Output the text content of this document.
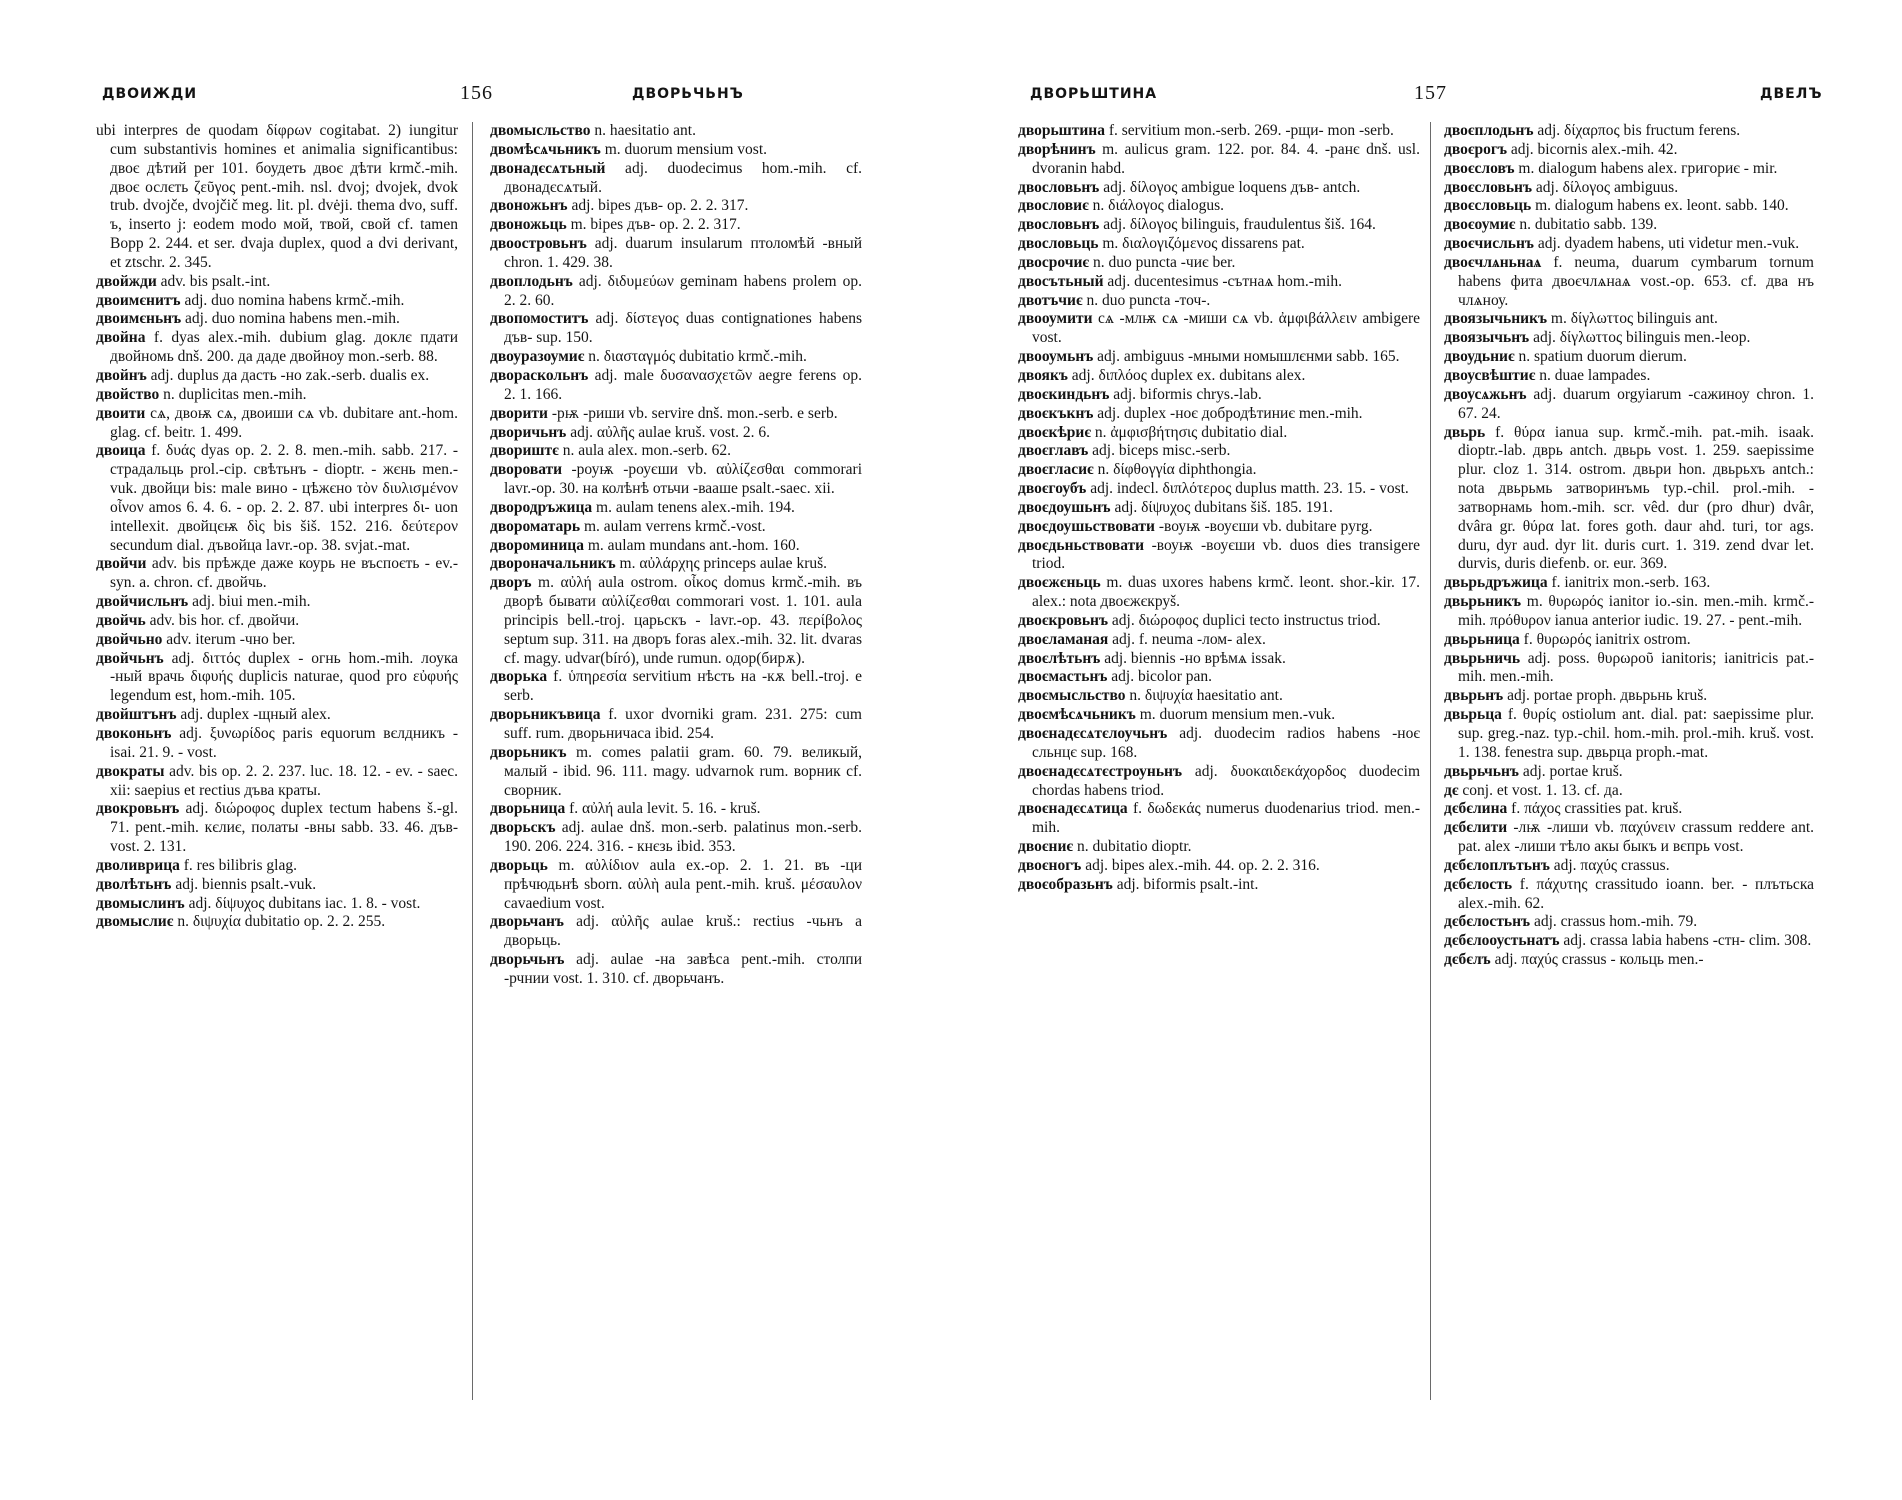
ДВОИЖДИ	156	ДВОРЬЧЬНЪ

ubi interpres de quodam δίφρων cogitabat. 2) iungitur cum substantivis homines et animalia significantibus: двоє дѣтий per 101. боудеть двоє дѣти krmč.-mih. двоє ослєть ζεῦγος pent.-mih. nsl. dvoj; dvojek, dvok trub. dvojče, dvojčič meg. lit. pl. dvėji. thema dvo, suff. ъ, inserto j: eodem modo мой, твой, свой cf. tamen Bopp 2. 244. et ser. dvaja duplex, quod a dvi derivant, et ztschr. 2. 345.

двойжди adv. bis psalt.-int.

двоимєнитъ adj. duo nomina habens krmč.-mih.

двоимєньнъ adj. duo nomina habens men.-mih.

двойна f. dyas alex.-mih. dubium glag. доклє пдати двойномь dnš. 200. да даде двойноу mon.-serb. 88.

двойнъ adj. duplus да дасть -но zak.-serb. dualis ex.

двойство n. duplicitas men.-mih.

двоити сѧ, двоѭ сѧ, двоиши сѧ vb. dubitare ant.-hom. glag. cf. beitr. 1. 499.

двоица f. δυάς dyas op. 2. 2. 8. men.-mih. sabb. 217. - страдальць prol.-cip. свѣтьнъ - dioptr. - жєнь men.-vuk. двойци bis: male вино - цѣжєно τὸν διυλισμένον οἶνον amos 6. 4. 6. - op. 2. 2. 87. ubi interpres δι- uon intellexit. двойцєѭ δὶς bis šiš. 152. 216. δεύτερον secundum dial. дъвойца lavr.-op. 38. svjat.-mat.

двойчи adv. bis прѣжде даже коурь не въспоєть - ev.-syn. a. chron. cf. двойчь.

двойчисльнъ adj. biui men.-mih.

двойчь adv. bis hor. cf. двойчи.

двойчьно adv. iterum -чно ber.

двойчьнъ adj. διττός duplex - огнь hom.-mih. лоука -ный врачь διφυής duplicis naturae, quod pro εὐφυής legendum est, hom.-mih. 105.

двойштънъ adj. duplex -щный alex.

двоконьнъ adj. ξυνωρίδος paris equorum вєлдникъ - isai. 21. 9. - vost.

двократы adv. bis op. 2. 2. 237. luc. 18. 12. - ev. - saec. xii: saepius et rectius дъва краты.

двокровьнъ adj. διώροφος duplex tectum habens š.-gl. 71. pent.-mih. кєлиє, полаты -вны sabb. 33. 46. дъв- vost. 2. 131.

дволиврица f. res bilibris glag.

дволѣтьнъ adj. biennis psalt.-vuk.

двомыслинъ adj. δίψυχος dubitans iac. 1. 8. - vost.

двомыслиє n. διψυχία dubitatio op. 2. 2. 255.

двомысльство n. haesitatio ant.

двомѣсѧчьникъ m. duorum mensium vost.

двонадєсѧтьный adj. duodecimus hom.-mih. cf. двонадєсѧтый.

двоножьнъ adj. bipes дъв- op. 2. 2. 317.

двоножьць m. bipes дъв- op. 2. 2. 317.

двоостровьнъ adj. duarum insularum птоломѣй -вный chron. 1. 429. 38.

двоплодьнъ adj. διδυμεύων geminam habens prolem op. 2. 2. 60.

двопомоститъ adj. δίστεγος duas contignationes habens дъв- sup. 150.

двоуразоумиє n. διασταγμός dubitatio krmč.-mih.

двораскольнъ adj. male δυσανασχετῶν aegre ferens op. 2. 1. 166.

дворити -рѭ -риши vb. servire dnš. mon.-serb. e serb.

дворичьнъ adj. αὐλῆς aulae kruš. vost. 2. 6.

двориштє n. aula alex. mon.-serb. 62.

дворовати -роуѭ -роуєши vb. αὐλίζεσθαι commorari lavr.-op. 30. на колѣнѣ отьчи -вааше psalt.-saec. xii.

двородръжица m. aulam tenens alex.-mih. 194.

двороматарь m. aulam verrens krmč.-vost.

двороминица m. aulam mundans ant.-hom. 160.

двороначальникъ m. αὐλάρχης princeps aulae kruš.

дворъ m. αὐλή aula ostrom. οἶκος domus krmč.-mih. въ дворѣ бывати αὐλίζεσθαι commorari vost. 1. 101. aula principis bell.-troj. царьскъ - lavr.-op. 43. περίβολος septum sup. 311. на дворъ foras alex.-mih. 32. lit. dvaras cf. magy. udvar(bíró), unde rumun. одор(бирѫ).

дворька f. ὑπηρεσία servitium нѣсть на -кѫ bell.-troj. e serb.

дворьникъвица f. uxor dvorniki gram. 231. 275: cum suff. rum. дворьничаса ibid. 254.

дворьникъ m. comes palatii gram. 60. 79. великый, малый - ibid. 96. 111. magy. udvarnok rum. ворник cf. сворник.

дворьница f. αὐλή aula levit. 5. 16. - kruš.

дворьскъ adj. aulae dnš. mon.-serb. palatinus mon.-serb. 190. 206. 224. 316. - кнєзь ibid. 353.

дворьць m. αὐλίδιον aula ex.-op. 2. 1. 21. въ -ци прѣчюдьнѣ sborn. αὐλὴ aula pent.-mih. kruš. μέσαυλον cavaedium vost.

дворьчанъ adj. αὐλῆς aulae kruš.: rectius -чьнъ a дворьць.

дворьчьнъ adj. aulae -на завѣса pent.-mih. столпи -рчнии vost. 1. 310. cf. дворьчанъ.

ДВОРЬШТИНА	157	ДВЕЛЪ

дворьштина f. servitium mon.-serb. 269. -рщи- mon -serb.

дворѣнинъ m. aulicus gram. 122. por. 84. 4. -ранє dnš. usl. dvoranin habd.

двословьнъ adj. δίλογος ambigue loquens дъв- antch.

двословиє n. διάλογος dialogus.

двословьнъ adj. δίλογος bilinguis, fraudulentus šiš. 164.

двословьць m. διαλογιζόμενος dissarens pat.

двосрочиє n. duo puncta -чиє ber.

двосътьный adj. ducentesimus -сътнаѧ hom.-mih.

двотъчиє n. duo puncta -точ-.

двооумити сѧ -млѭ сѧ -миши сѧ vb. ἀμφιβάλλειν ambigere vost.

двооумьнъ adj. ambiguus -мными номышлєнми sabb. 165.

двоякъ adj. διπλόος duplex ex. dubitans alex.

двоєкиндьнъ adj. biformis chrys.-lab.

двоєкъкнъ adj. duplex -ноє добродѣтиниє men.-mih.

двоєкѣриє n. ἀμφισβήτησις dubitatio dial.

двоєглавъ adj. biceps misc.-serb.

двоєгласиє n. δίφθογγία diphthongia.

двоєгоубъ adj. indecl. διπλότερος duplus matth. 23. 15. - vost.

двоєдоушьнъ adj. δίψυχος dubitans šiš. 185. 191.

двоєдоушьствовати -воуѭ -воуєши vb. dubitare pyrg.

двоєдьньствовати -воуѭ -воуєши vb. duos dies transigere triod.

двоєжєньць m. duas uxores habens krmč. leont. shor.-kir. 17. alex.: nota двоєжєкруš.

двоєкровьнъ adj. διώροφος duplici tecto instructus triod.

двоєламаная adj. f. neuma -лом- alex.

двоєлѣтьнъ adj. biennis -но врѣмѧ issak.

двоємастьнъ adj. bicolor pan.

двоємысльство n. διψυχία haesitatio ant.

двоємѣсѧчьникъ m. duorum mensium men.-vuk.

двоєнадєсѧтєлоучьнъ adj. duodecim radios habens -ноє сльнцє sup. 168.

двоєнадєсѧтєстроуньнъ adj. δυοκαιδεκάχορδος duodecim chordas habens triod.

двоєнадєсѧтица f. δωδεκάς numerus duodenarius triod. men.-mih.

двоєниє n. dubitatio dioptr.

двоєногъ adj. bipes alex.-mih. 44. op. 2. 2. 316.

двоєобразьнъ adj. biformis psalt.-int.

двоєплодьнъ adj. δίχαρπος bis fructum ferens.

двоєрогъ adj. bicornis alex.-mih. 42.

двоєсловъ m. dialogum habens alex. григориє - mir.

двоєсловьнъ adj. δίλογος ambiguus.

двоєсловьць m. dialogum habens ex. leont. sabb. 140.

двоєоумиє n. dubitatio sabb. 139.

двоєчисльнъ adj. dyadem habens, uti videtur men.-vuk.

двоєчлѧньнаѧ f. neuma, duarum cymbarum tornum habens фита двоєчлѧнаѧ vost.-op. 653. cf. два нъ члѧноу.

двоязычьникъ m. δίγλωττος bilinguis ant.

двоязычьнъ adj. δίγλωττος bilinguis men.-leop.

двоудьниє n. spatium duorum dierum.

двоусвѣштиє n. duae lampades.

двоусѧжьнъ adj. duarum orgyiarum -сажиноу chron. 1. 67. 24.

двьрь f. θύρα ianua sup. krmč.-mih. pat.-mih. isaak. dioptr.-lab. дврь antch. двьрь vost. 1. 259. saepissime plur. cloz 1. 314. ostrom. двьри hon. двьрьхъ antch.: nota двьрьмь затворинъмь typ.-chil. prol.-mih. - затворнамь hom.-mih. scr. vêd. dur (pro dhur) dvâr, dvâra gr. θύρα lat. fores goth. daur ahd. turi, tor ags. duru, dyr aud. dyr lit. duris curt. 1. 319. zend dvar let. durvis, duris diefenb. or. eur. 369.

двьрьдръжица f. ianitrix mon.-serb. 163.

двьрьникъ m. θυρωρός ianitor io.-sin. men.-mih. krmč.-mih. πρόθυρον ianua anterior iudic. 19. 27. - pent.-mih.

двьрьница f. θυρωρός ianitrix ostrom.

двьрьничь adj. poss. θυρωροῦ ianitoris; ianitricis pat.-mih. men.-mih.

двьрьнъ adj. portae proph. двьрьнь kruš.

двьрьца f. θυρίς ostiolum ant. dial. pat: saepissime plur. sup. greg.-naz. typ.-chil. hom.-mih. prol.-mih. kruš. vost. 1. 138. fenestra sup. двьрца proph.-mat.

двьрьчьнъ adj. portae kruš.

дє conj. et vost. 1. 13. cf. да.

дєбєлина f. πάχος crassities pat. kruš.

дєбєлити -лѭ -лиши vb. παχύνειν crassum reddere ant. pat. alex -лиши тѣло акы быкъ и вєпрь vost.

дєбєлоплътьнъ adj. παχύς crassus.

дєбєлость f. πάχυτης crassitudo ioann. ber. - плътьска alex.-mih. 62.

дєбєлостьнъ adj. crassus hom.-mih. 79.

дєбєлооустьнатъ adj. crassa labia habens -стн- clim. 308.

дєбєлъ adj. παχύς crassus - кольць men.-
